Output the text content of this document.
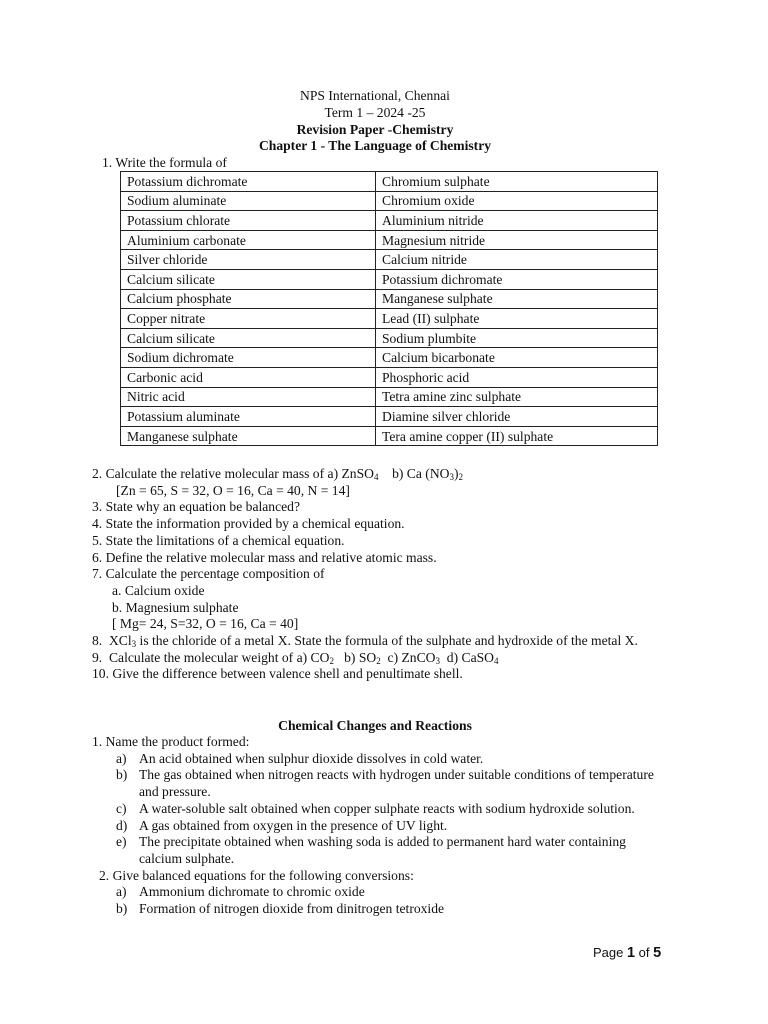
NPS International, Chennai
Term 1 – 2024 -25
Revision Paper -Chemistry
Chapter 1 - The Language of Chemistry
1. Write the formula of
Potassium dichromate	Chromium sulphate
Sodium aluminate	Chromium oxide
Potassium chlorate	Aluminium nitride
Aluminium carbonate	Magnesium nitride
Silver chloride	Calcium nitride
Calcium silicate	Potassium dichromate
Calcium phosphate	Manganese sulphate
Copper nitrate	Lead (II) sulphate
Calcium silicate	Sodium plumbite
Sodium dichromate	Calcium bicarbonate
Carbonic acid	Phosphoric acid
Nitric acid	Tetra amine zinc sulphate
Potassium aluminate	Diamine silver chloride
Manganese sulphate	Tera amine copper (II) sulphate
2. Calculate the relative molecular mass of a) ZnSO$_4$    b) Ca $(NO_3)_2$
[Zn = 65, S = 32, O = 16, Ca = 40, N = 14]
3. State why an equation be balanced?
4. State the information provided by a chemical equation.
5. State the limitations of a chemical equation.
6. Define the relative molecular mass and relative atomic mass.
7. Calculate the percentage composition of
a. Calcium oxide
b. Magnesium sulphate
[ Mg= 24, S=32, O = 16, Ca = 40]
8.  XCl$_3$ is the chloride of a metal X. State the formula of the sulphate and hydroxide of the metal X.
9.  Calculate the molecular weight of a) $CO_2$   b) $SO_2$  c) ZnCO$_3$  d) CaSO$_4$
10. Give the difference between valence shell and penultimate shell.
Chemical Changes and Reactions
1. Name the product formed:
a) An acid obtained when sulphur dioxide dissolves in cold water.
b) The gas obtained when nitrogen reacts with hydrogen under suitable conditions of temperature and pressure.
c) A water-soluble salt obtained when copper sulphate reacts with sodium hydroxide solution.
d) A gas obtained from oxygen in the presence of UV light.
e) The precipitate obtained when washing soda is added to permanent hard water containing calcium sulphate.
2. Give balanced equations for the following conversions:
a) Ammonium dichromate to chromic oxide
b) Formation of nitrogen dioxide from dinitrogen tetroxide
Page 1 of 5
